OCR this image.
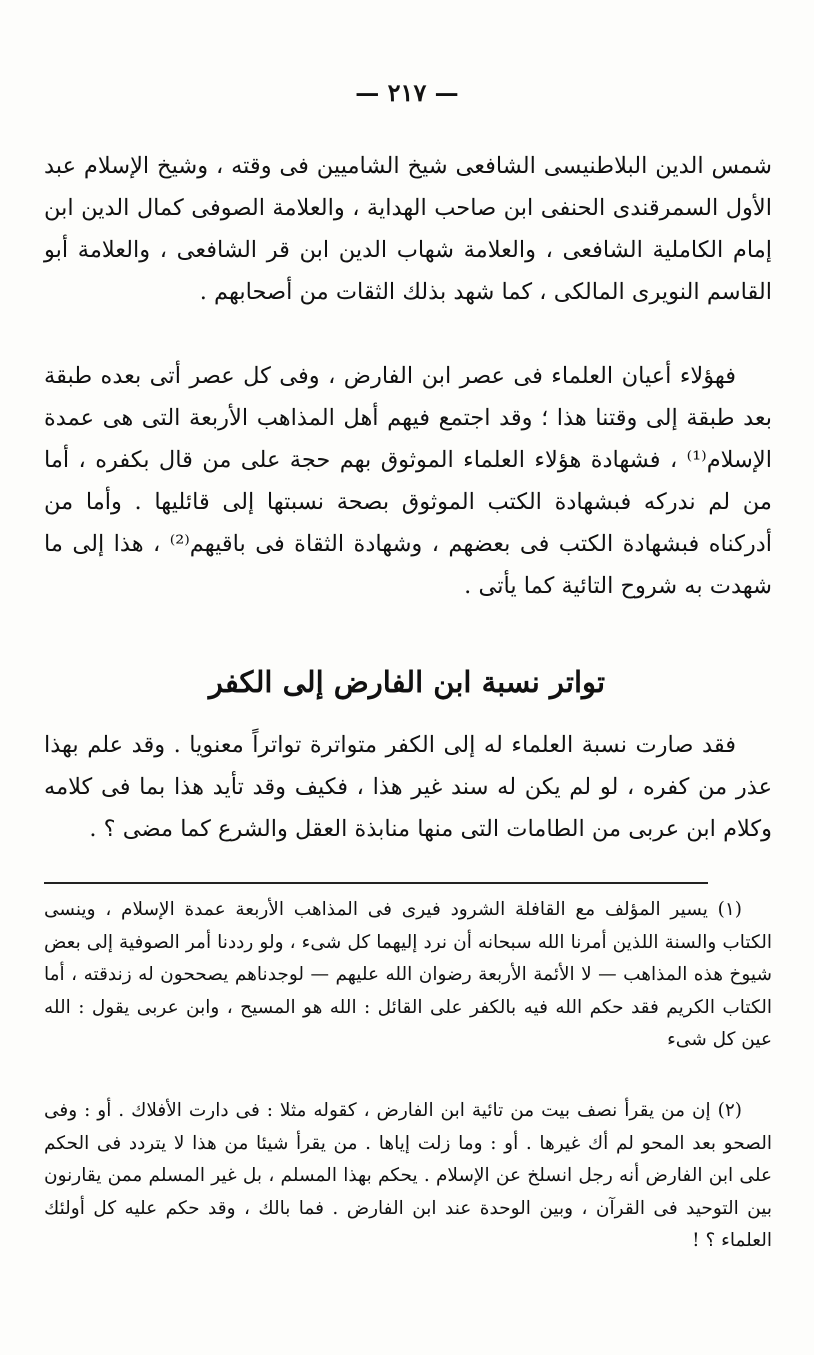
— ٢١٧ —
شمس الدين البلاطنيسى الشافعى شيخ الشاميين فى وقته ، وشيخ الإسلام عبد الأول السمرقندى الحنفى ابن صاحب الهداية ، والعلامة الصوفى كمال الدين ابن إمام الكاملية الشافعى ، والعلامة شهاب الدين ابن قر الشافعى ، والعلامة أبو القاسم النويرى المالكى ، كما شهد بذلك الثقات من أصحابهم .
فهؤلاء أعيان العلماء فى عصر ابن الفارض ، وفى كل عصر أتى بعده طبقة بعد طبقة إلى وقتنا هذا ؛ وقد اجتمع فيهم أهل المذاهب الأربعة التى هى عمدة الإسلام⁽¹⁾ ، فشهادة هؤلاء العلماء الموثوق بهم حجة على من قال بكفره ، أما من لم ندركه فبشهادة الكتب الموثوق بصحة نسبتها إلى قائليها . وأما من أدركناه فبشهادة الكتب فى بعضهم ، وشهادة الثقاة فى باقيهم⁽²⁾ ، هذا إلى ما شهدت به شروح التائية كما يأتى .
تواتر نسبة ابن الفارض إلى الكفر
فقد صارت نسبة العلماء له إلى الكفر متواترة تواتراً معنويا . وقد علم بهذا عذر من كفره ، لو لم يكن له سند غير هذا ، فكيف وقد تأيد هذا بما فى كلامه وكلام ابن عربى من الطامات التى منها منابذة العقل والشرع كما مضى ؟ .
(١) يسير المؤلف مع القافلة الشرود فيرى فى المذاهب الأربعة عمدة الإسلام ، وينسى الكتاب والسنة اللذين أمرنا الله سبحانه أن نرد إليهما كل شىء ، ولو رددنا أمر الصوفية إلى بعض شيوخ هذه المذاهب — لا الأئمة الأربعة رضوان الله عليهم — لوجدناهم يصححون له زندقته ، أما الكتاب الكريم فقد حكم الله فيه بالكفر على القائل : الله هو المسيح ، وابن عربى يقول : الله عين كل شىء
(٢) إن من يقرأ نصف بيت من تائية ابن الفارض ، كقوله مثلا : فى دارت الأفلاك . أو : وفى الصحو بعد المحو لم أك غيرها . أو : وما زلت إياها . من يقرأ شيئا من هذا لا يتردد فى الحكم على ابن الفارض أنه رجل انسلخ عن الإسلام . يحكم بهذا المسلم ، بل غير المسلم ممن يقارنون بين التوحيد فى القرآن ، وبين الوحدة عند ابن الفارض . فما بالك ، وقد حكم عليه كل أولئك العلماء ؟ !
